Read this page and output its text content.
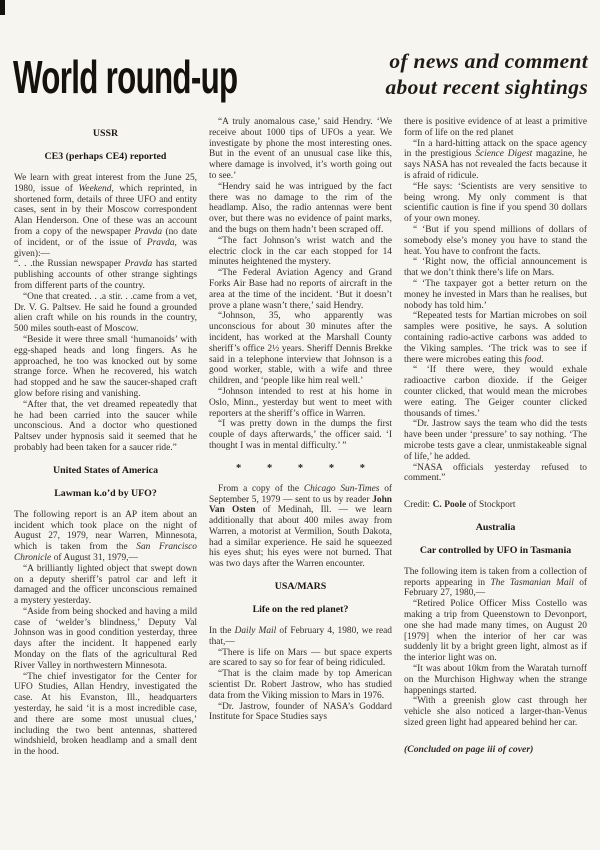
World round-up	of news and comment
about recent sightings
USSR
CE3 (perhaps CE4) reported

We learn with great interest from the June 25, 1980, issue of Weekend, which reprinted, in shortened form, details of three UFO and entity cases, sent in by their Moscow correspondent Alan Henderson. One of these was an account from a copy of the newspaper Pravda (no date of incident, or of the issue of Pravda, was given):—

“. . .the Russian newspaper Pravda has started publishing accounts of other strange sightings from different parts of the country.

“One that created. . .a stir. . .came from a vet, Dr. V. G. Paltsev. He said he found a grounded alien craft while on his rounds in the country, 500 miles south-east of Moscow.

“Beside it were three small ‘humanoids’ with egg-shaped heads and long fingers. As he approached, he too was knocked out by some strange force. When he recovered, his watch had stopped and he saw the saucer-shaped craft glow before rising and vanishing.

“After that, the vet dreamed repeatedly that he had been carried into the saucer while unconscious. And a doctor who questioned Paltsev under hypnosis said it seemed that he probably had been taken for a saucer ride.”

United States of America
Lawman k.o’d by UFO?

The following report is an AP item about an incident which took place on the night of August 27, 1979, near Warren, Minnesota, which is taken from the San Francisco Chronicle of August 31, 1979,—

“A brilliantly lighted object that swept down on a deputy sheriff’s patrol car and left it damaged and the officer unconscious remained a mystery yesterday.

“Aside from being shocked and having a mild case of ‘welder’s blindness,’ Deputy Val Johnson was in good condition yesterday, three days after the incident. It happened early Monday on the flats of the agricultural Red River Valley in northwestern Minnesota.

“The chief investigator for the Center for UFO Studies, Allan Hendry, investigated the case. At his Evanston, Ill., headquarters yesterday, he said ‘it is a most incredible case, and there are some most unusual clues,’ including the two bent antennas, shattered windshield, broken headlamp and a small dent in the hood.

“A truly anomalous case,’ said Hendry. ‘We receive about 1000 tips of UFOs a year. We investigate by phone the most interesting ones. But in the event of an unusual case like this, where damage is involved, it’s worth going out to see.’

“Hendry said he was intrigued by the fact there was no damage to the rim of the headlamp. Also, the radio antennas were bent over, but there was no evidence of paint marks, and the bugs on them hadn’t been scraped off.

“The fact Johnson’s wrist watch and the electric clock in the car each stopped for 14 minutes heightened the mystery.

“The Federal Aviation Agency and Grand Forks Air Base had no reports of aircraft in the area at the time of the incident. ‘But it doesn’t prove a plane wasn’t there,’ said Hendry.

“Johnson, 35, who apparently was unconscious for about 30 minutes after the incident, has worked at the Marshall County sheriff’s office 2½ years. Sheriff Dennis Brekke said in a telephone interview that Johnson is a good worker, stable, with a wife and three children, and ‘people like him real well.’

“Johnson intended to rest at his home in Oslo, Minn., yesterday but went to meet with reporters at the sheriff’s office in Warren.

“I was pretty down in the dumps the first couple of days afterwards,’ the officer said. ‘I thought I was in mental difficulty.’ ”

* * * * *

From a copy of the Chicago Sun-Times of September 5, 1979 — sent to us by reader John Van Osten of Medinah, Ill. — we learn additionally that about 400 miles away from Warren, a motorist at Vermilion, South Dakota, had a similar experience. He said he squeezed his eyes shut; his eyes were not burned. That was two days after the Warren encounter.

USA/MARS
Life on the red planet?

In the Daily Mail of February 4, 1980, we read that,—

“There is life on Mars — but space experts are scared to say so for fear of being ridiculed.

“That is the claim made by top American scientist Dr. Robert Jastrow, who has studied data from the Viking mission to Mars in 1976.

“Dr. Jastrow, founder of NASA’s Goddard Institute for Space Studies says

there is positive evidence of at least a primitive form of life on the red planet

“In a hard-hitting attack on the space agency in the prestigious Science Digest magazine, he says NASA has not revealed the facts because it is afraid of ridicule.

“He says: ‘Scientists are very sensitive to being wrong. My only comment is that scientific caution is fine if you spend 30 dollars of your own money.

“ ‘But if you spend millions of dollars of somebody else’s money you have to stand the heat. You have to confront the facts.

“ ‘Right now, the official announcement is that we don’t think there’s life on Mars.

“ ‘The taxpayer got a better return on the money he invested in Mars than he realises, but nobody has told him.’

“Repeated tests for Martian microbes on soil samples were positive, he says. A solution containing radio-active carbons was added to the Viking samples. ‘The trick was to see if there were microbes eating this food.

“ ‘If there were, they would exhale radioactive carbon dioxide. if the Geiger counter clicked, that would mean the microbes were eating. The Geiger counter clicked thousands of times.’

“Dr. Jastrow says the team who did the tests have been under ‘pressure’ to say nothing. ‘The microbe tests gave a clear, unmistakeable signal of life,’ he added.

“NASA officials yesterday refused to comment.”

Credit: C. Poole of Stockport

Australia
Car controlled by UFO in Tasmania

The following item is taken from a collection of reports appearing in The Tasmanian Mail of February 27, 1980,—

“Retired Police Officer Miss Costello was making a trip from Queenstown to Devonport, one she had made many times, on August 20 [1979] when the interior of her car was suddenly lit by a bright green light, almost as if the interior light was on.

“It was about 10km from the Waratah turnoff on the Murchison Highway when the strange happenings started.

“With a greenish glow cast through her vehicle she also noticed a larger-than-Venus sized green light had appeared behind her car.

(Concluded on page iii of cover)
